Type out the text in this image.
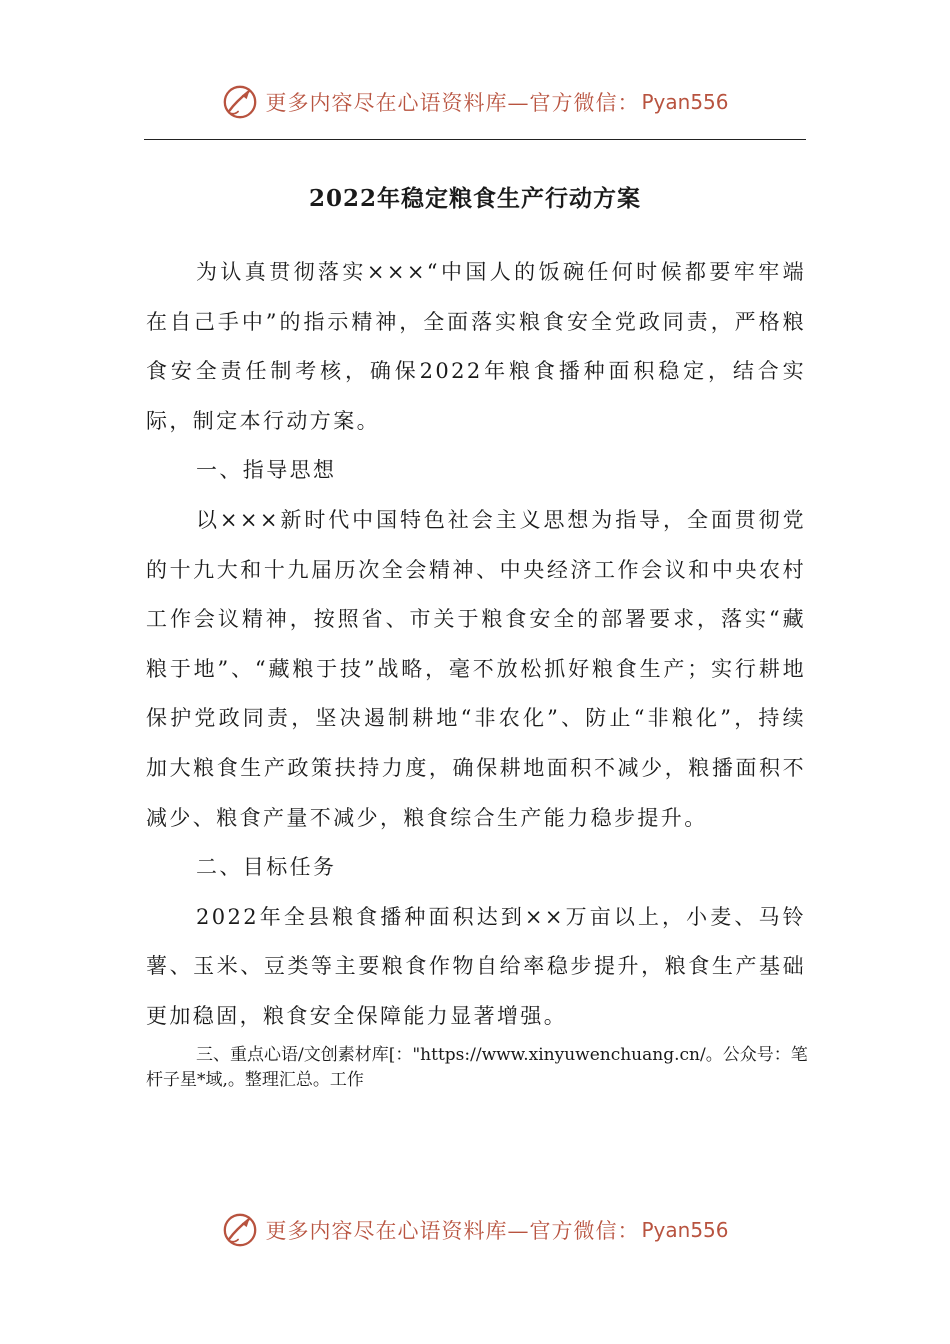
更多内容尽在心语资料库—官方微信： Pyan556
2022年稳定粮食生产行动方案

为认真贯彻落实×××“中国人的饭碗任何时候都要牢牢端在自己手中”的指示精神，全面落实粮食安全党政同责，严格粮食安全责任制考核，确保2022年粮食播种面积稳定，结合实际，制定本行动方案。

一、指导思想

以×××新时代中国特色社会主义思想为指导，全面贯彻党的十九大和十九届历次全会精神、中央经济工作会议和中央农村工作会议精神，按照省、市关于粮食安全的部署要求，落实“藏粮于地”、“藏粮于技”战略，毫不放松抓好粮食生产；实行耕地保护党政同责，坚决遏制耕地“非农化”、防止“非粮化”，持续加大粮食生产政策扶持力度，确保耕地面积不减少，粮播面积不减少、粮食产量不减少，粮食综合生产能力稳步提升。

二、目标任务

2022年全县粮食播种面积达到××万亩以上，小麦、马铃薯、玉米、豆类等主要粮食作物自给率稳步提升，粮食生产基础更加稳固，粮食安全保障能力显著增强。

三、重点心语/文创素材库[："https://www.xinyuwenchuang.cn/。公众号：笔杆子星*域,。整理汇总。工作

更多内容尽在心语资料库—官方微信： Pyan556
